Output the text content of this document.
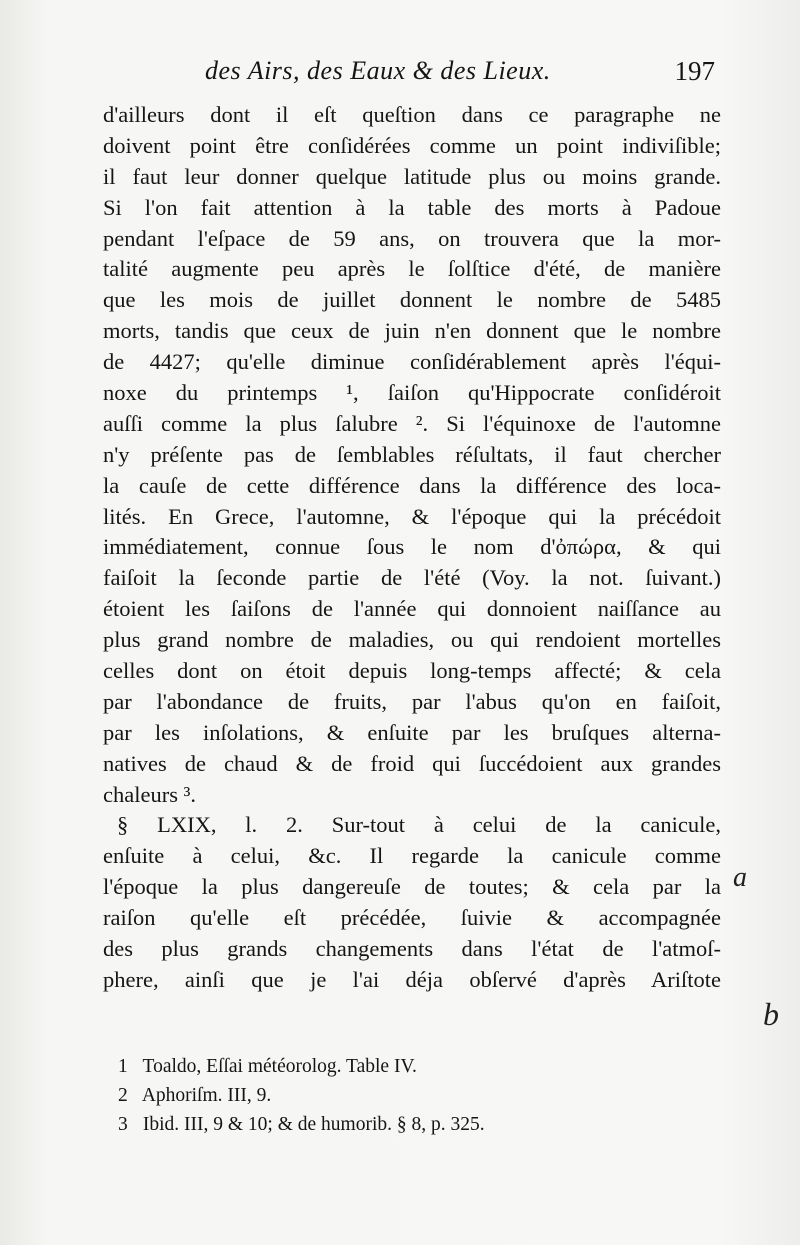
des Airs, des Eaux & des Lieux.	197
d'ailleurs dont il eſt queſtion dans ce paragraphe ne
doivent point être conſidérées comme un point indiviſible;
il faut leur donner quelque latitude plus ou moins grande.
Si l'on fait attention à la table des morts à Padoue
pendant l'eſpace de 59 ans, on trouvera que la mor-
talité augmente peu après le ſolſtice d'été, de manière
que les mois de juillet donnent le nombre de 5485
morts, tandis que ceux de juin n'en donnent que le nombre
de 4427; qu'elle diminue conſidérablement après l'équi-
noxe du printemps ¹, ſaiſon qu'Hippocrate conſidéroit
auſſi comme la plus ſalubre ². Si l'équinoxe de l'automne
n'y préſente pas de ſemblables réſultats, il faut chercher
la cauſe de cette différence dans la différence des loca-
lités. En Grece, l'automne, & l'époque qui la précédoit
immédiatement, connue ſous le nom d'ὀπώρα, & qui
faiſoit la ſeconde partie de l'été (Voy. la not. ſuivant.)
étoient les ſaiſons de l'année qui donnoient naiſſance au
plus grand nombre de maladies, ou qui rendoient mortelles
celles dont on étoit depuis long-temps affecté; & cela
par l'abondance de fruits, par l'abus qu'on en faiſoit,
par les inſolations, & enſuite par les bruſques alterna-
natives de chaud & de froid qui ſuccédoient aux grandes
chaleurs ³.
§ LXIX, l. 2. Sur-tout à celui de la canicule,
enſuite à celui, &c. Il regarde la canicule comme
l'époque la plus dangereuſe de toutes; & cela par la
raiſon qu'elle eſt précédée, ſuivie & accompagnée
des plus grands changements dans l'état de l'atmoſ-
phere, ainſi que je l'ai déja obſervé d'après Ariſtote
a
b
1 Toaldo, Eſſai météorolog. Table IV.
2 Aphoriſm. III, 9.
3 Ibid. III, 9 & 10; & de humorib. § 8, p. 325.
